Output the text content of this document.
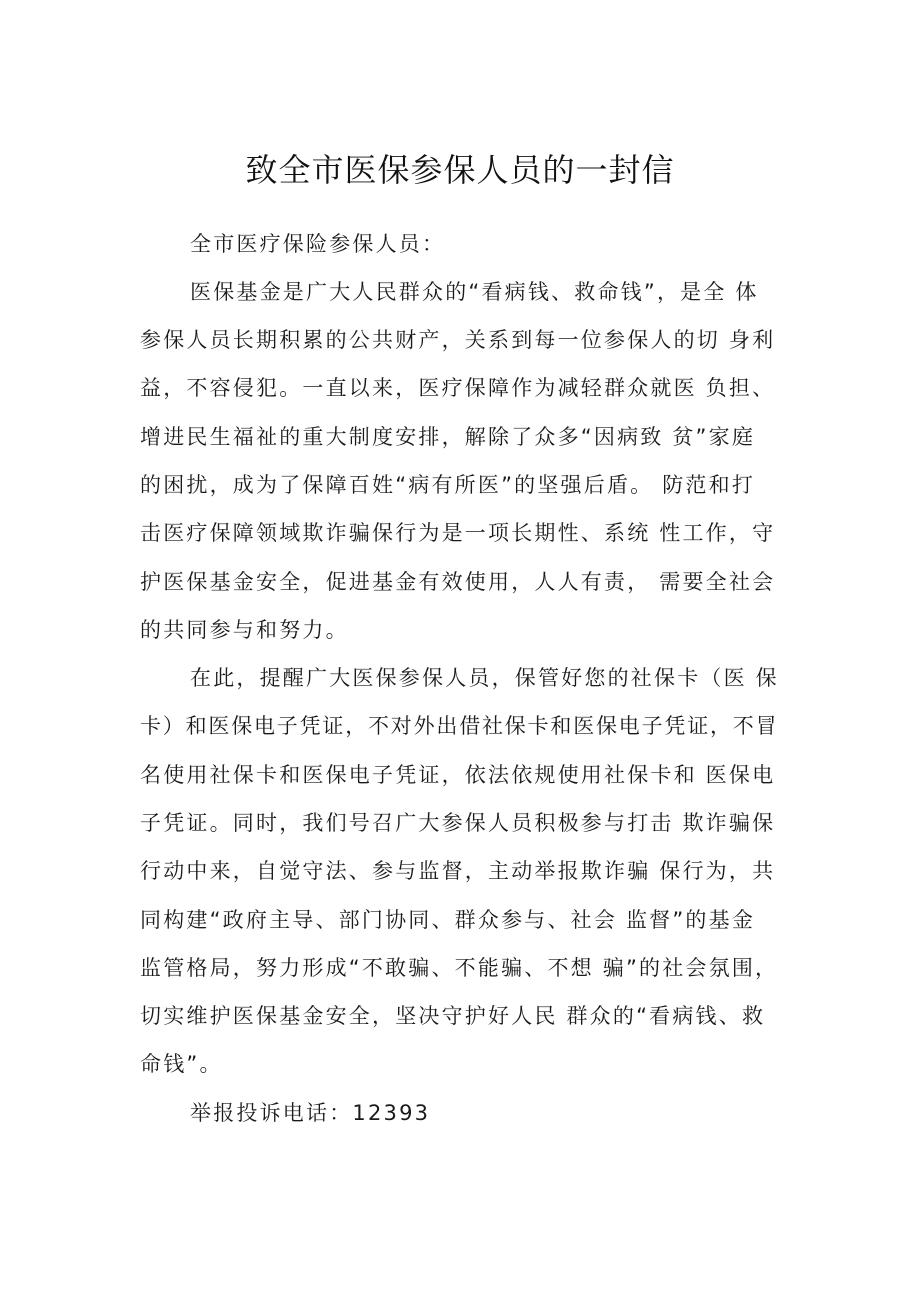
致全市医保参保人员的一封信

全市医疗保险参保人员：

医保基金是广大人民群众的“看病钱、救命钱”，是全 体

参保人员长期积累的公共财产，关系到每一位参保人的切 身利

益，不容侵犯。一直以来，医疗保障作为减轻群众就医 负担、

增进民生福祉的重大制度安排，解除了众多“因病致 贫”家庭

的困扰，成为了保障百姓“病有所医”的坚强后盾。 防范和打

击医疗保障领域欺诈骗保行为是一项长期性、系统 性工作，守

护医保基金安全，促进基金有效使用，人人有责， 需要全社会

的共同参与和努力。

在此，提醒广大医保参保人员，保管好您的社保卡（医 保

卡）和医保电子凭证，不对外出借社保卡和医保电子凭证，不冒

名使用社保卡和医保电子凭证，依法依规使用社保卡和 医保电

子凭证。同时，我们号召广大参保人员积极参与打击 欺诈骗保

行动中来，自觉守法、参与监督，主动举报欺诈骗 保行为，共

同构建“政府主导、部门协同、群众参与、社会 监督”的基金

监管格局，努力形成“不敢骗、不能骗、不想 骗”的社会氛围，

切实维护医保基金安全，坚决守护好人民 群众的“看病钱、救

命钱”。

举报投诉电话：12393
